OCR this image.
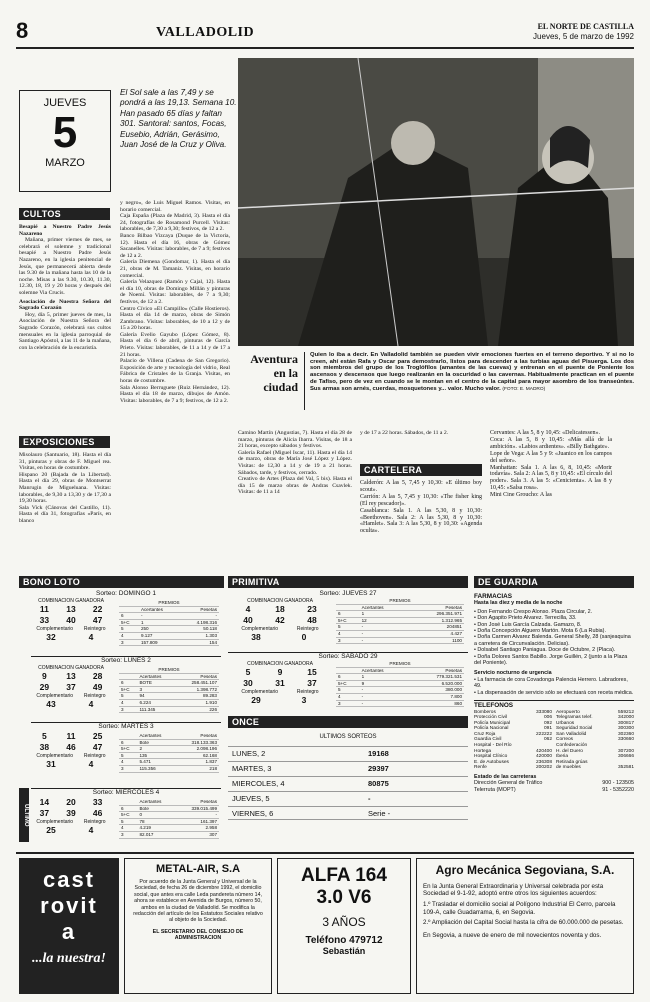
8	VALLADOLID	EL NORTE DE CASTILLA
Jueves, 5 de marzo de 1992
JUEVES
5
MARZO
El Sol sale a las 7,49 y se pondrá a las 19,13. Semana 10. Han pasado 65 días y faltan 301. Santoral: santos, Focas, Eusebio, Adrián, Gerásimo, Juan José de la Cruz y Oliva.
CULTOS
Besapié a Nuestro Padre Jesús Nazareno
Mañana, primer viernes de mes, se celebrará el solemne y tradicional besapié a Nuestro Padre Jesús Nazareno, en la iglesia penitencial de Jesús, que permanecerá abierta desde las 9.30 de la mañana hasta las 10 de la noche. Misas a las 9.30, 10.30, 11.30, 12.30, 18, 19 y 20 horas y después del solemne Via Crucis.
Asociación de Nuestra Señora del Sagrado Corazón
Hoy, día 5, primer jueves de mes, la Asociación de Nuestra Señora del Sagrado Corazón, celebrará sus cultos mensuales en la iglesia parroquial de Santiago Apóstol, a las 11 de la mañana, con la celebración de la eucaristía.
EXPOSICIONES
Misolauro (Santuario, 18). Hasta el día 31, pinturas y obras de F. Miguel rea. Visitas, en horas de costumbre.
Hispano 20 (Bajada de la Libertad). Hasta el día 29, obras de Montserrat Manrugin de Migueluana. Visitas: laborables, de 9,30 a 13,30 y de 17,30 a 19,30 horas.
Sala Vick (Cánovas del Castillo, 11). Hasta el día 31, fotografías «París, en blanco
y negro», de Luis Miguel Ramos. Visitas, en horario comercial.
Caja España (Plaza de Madrid, 3). Hasta el día 24, fotografías de Rosamond Purcell. Visitas: laborables, de 7,30 a 9,30; festivos, de 12 a 2.
Banco Bilbao Vizcaya (Duque de la Victoria, 12). Hasta el día 16, obras de Gómez Sacanelles. Visitas: laborables, de 7 a 9; festivos de 12 a 2.
Galería Diemena (Gondomar, 1). Hasta el día 21, obras de M. Tamaniz. Visitas, en horario comercial.
Galería Velazquez (Ramón y Cajal, 12). Hasta el día 10, obras de Domingo Millán y pinturas de Noemí. Visitas: laborables, de 7 a 9,30; festivos, de 12 a 2.
Centro Cívico «El Campillo» (Calle Hostieros). Hasta el día 14 de marzo, obras de Simón Zambrano. Visitas: laborables, de 10 a 12 y de 15 a 20 horas.
Galería Evelio Gayubo (López Gómez, 8). Hasta el día 6 de abril, pinturas de García Prieto. Visitas: laborables, de 11 a 14 y de 17 a 21 horas.
Palacio de Villena (Cadena de San Gregorio). Exposición de arte y tecnología del vidrio, Real Fábrica de Cristales de la Granja. Visitas, en horas de costumbre.
Sala Alonso Berruguete (Ruiz Hernández, 12). Hasta el día 18 de marzo, dibujos de Amón. Visitas: laborables, de 7 a 9; festivos, de 12 a 2.
Camino Martín (Angustias, 7). Hasta el día 28 de marzo, pinturas de Alicia Ibarra. Visitas, de 18 a 21 horas, excepto sábados y festivos.
Galería Rafael (Miguel Iscar, 11). Hasta el día 14 de marzo, obras de María José López y López. Visitas: de 12,30 a 14 y de 19 a 21 horas. Sábados, tarde, y festivos, cerrado.
Creativo de Artes (Plaza del Val, 5 bis). Hasta el día 15 de marzo obras de Andras Csavlek. Visitas: de 11 a 14
y de 17 a 22 horas. Sábados, de 11 a 2.
Aventura en la ciudad
Quien lo iba a decir. En Valladolid también se pueden vivir emociones fuertes en el terreno deportivo. Y si no lo creen, ahí están Rafa y Oscar para demostrarlo, listos para descender a las turbias aguas del Pisuerga. Los dos son miembros del grupo de los Troglófilos (amantes de las cuevas) y entrenan en el puente de Poniente los ascensos y descensos que luego realizarán en la oscuridad o las cavernas. Habitualmente practican en el puente de Tafiso, pero de vez en cuando se le montan en el centro de la capital para mayor asombro de los transeúntes. Sus armas son arnés, cuerdas, mosquetones y... valor. Mucho valor. (FOTO: E. MADRO)
CARTELERA
Calderón: A las 5, 7,45 y 10,30: «E último boy scout».
Carrión: A las 5, 7,45 y 10,30: «The fisher king (El rey pescador)».
Casablanca: Sala 1. A las 5,30, 8 y 10,30: «Beethoven». Sala 2: A las 5,30, 8 y 10,30: «Hamlet». Sala 3: A las 5,30, 8 y 10,30: «Agenda oculta».
Cervantes: A las 5, 8 y 10,45: «Delicatessen».
Coca: A las 5, 8 y 10,45: «Más allá de la ambición». «Labios ardientes». «Billy Bathgate».
Lope de Vega: A las 5 y 9: «Juanico en los campos del señor».
Manhattan: Sala 1. A las 6, 8, 10,45: «Morir todavía». Sala 2: A las 5, 8 y 10,45: «El círculo del poder». Sala 3. A las 5: «Cenicienta». A las 8 y 10,45: «Salsa rosa».
Mini Cine Groucho: A las
BONO LOTO
ULTIMO
Sorteo: DOMINGO 1
COMBINACION GANADORA
11	13	22
33	40	47
Complementario Reintegro
32	4
PREMIOS		
	Acertantes	Pesetas
6	-	-
5+C	1	4.198.316
5	250	50.118
4	9.127	1.303
3	157.809	154
Sorteo: LUNES 2
COMBINACION GANADORA
9	13	28
29	37	49
Complementario Reintegro
43	4
PREMIOS		
	Acertantes	Pesetas
6	BOTE	258.451.107
5+C	3	1.398.772
5	94	89.283
4	6.224	1.910
3	111.345	226
Sorteo: MARTES 3
5	11	25
38	46	47
Complementario Reintegro
31	4
	Acertantes	Pesetas
6	Bote	318.133.363
5+C	2	2.098.196
5	135	62.168
4	5.471	1.837
3	115.356	218
Sorteo: MIERCOLES 4
14	20	33
37	39	46
Complementario Reintegro
25	4
	Acertantes	Pesetas
6	Bote	339.015.499
5+C	0	-
5	78	161.397
4	4.219	2.958
3	82.017	307
PRIMITIVA
Sorteo: JUEVES 27
COMBINACION GANADORA
4	18	23
40	42	48
Complementario	Reintegro
38	0
PREMIOS		
	Acertantes	Pesetas
6	1	296.351.971
5+C	12	1.312.965
5	-	204851
4	-	4.427
3	-	1100
Sorteo: SABADO 29
COMBINACION GANADORA
5	9	15
30	31	37
Complementario	Reintegro
29	3
PREMIOS		
	Acertantes	Pesetas
6	1	779.321.531
5+C	9	6.520.000
5	-	380.000
4	-	7.800
3	-	860
ONCE
ULTIMOS SORTEOS
LUNES, 2	19168
MARTES, 3	29397
MIERCOLES, 4	80875
JUEVES, 5	-
VIERNES, 6	Serie -
DE GUARDIA
FARMACIAS
Hasta las diez y media de la noche
• Don Fernando Crespo Alonso. Plaza Circular, 2.
• Don Agapito Prieto Alvarez. Terrecilla, 33.
• Don José Luis García Calzada. Gamazo, 8.
• Doña Concepción Alguero Martón. Mota 6 (La Rubia).
• Doña Carmen Alvarez Balenda. General Shelly, 28 (sanjeaquina a carretera de Circunvalación. Delicias).
• Dolsabel Santiago Paniagua. Doce de Octubre, 2 (Placa).
• Doña Dolores Santos Babillo. Jorge Guillén, 2 (junto a la Plaza del Poniente).
Servicio nocturno de urgencia
• La farmacia de cora Covadonga Palencia Herrero. Labradores, 49.
• La dispensación de servicio sólo se efectuará con receta médica.
TELEFONOS
Bomberos	333080
Protección Civil	006
Policía Municipal	092
Policía Nacional	091
Cruz Roja	222222
Guardia Civil	062
Hospital - Del Río
Hortega	420400
Hospital Clínico	420000
E. de Autobuses	236308
Renfe	200202
Aeropuerto	559212
Telegramas telef.	342000
Urbanos	300817
Seguridad Social	300300
San Valladolid	302360
Correos	330660
Confederación
H. del Duero	307200
Iberia	306666
Retirada grúas
de muebles	352581
Estado de las carreteras
Dirección General de Tráfico	900 - 123505
Telerruta (MOPT)	91 - 5352220
castrovita
...la nuestra!
METAL-AIR, S.A
Por acuerdo de la Junta General y Universal de la Sociedad, de fecha 26 de diciembre 1992, el domicilio social, que antes era calle Leda pandereta número 14, ahora se establece en Avenida de Burgos, número 50, ambos en la ciudad de Valladolid. Se modifica la redacción del artículo de los Estatutos Sociales relativo al objeto de la Sociedad.
EL SECRETARIO DEL CONSEJO DE ADMINISTRACION
ALFA 164
3.0 V6
3 AÑOS
Teléfono 479712
Sebastián
Agro Mecánica Segoviana, S.A.
En la Junta General Extraordinaria y Universal celebrada por esta Sociedad el 9-1-92, adoptó entre otros los siguientes acuerdos:
1.º Trasladar el domicilio social al Polígono Industrial El Cerro, parcela 109-A, calle Guadarrama, 6, en Segovia.
2.º Ampliación del Capital Social hasta la cifra de 60.000.000 de pesetas.
En Segovia, a nueve de enero de mil novecientos noventa y dos.
